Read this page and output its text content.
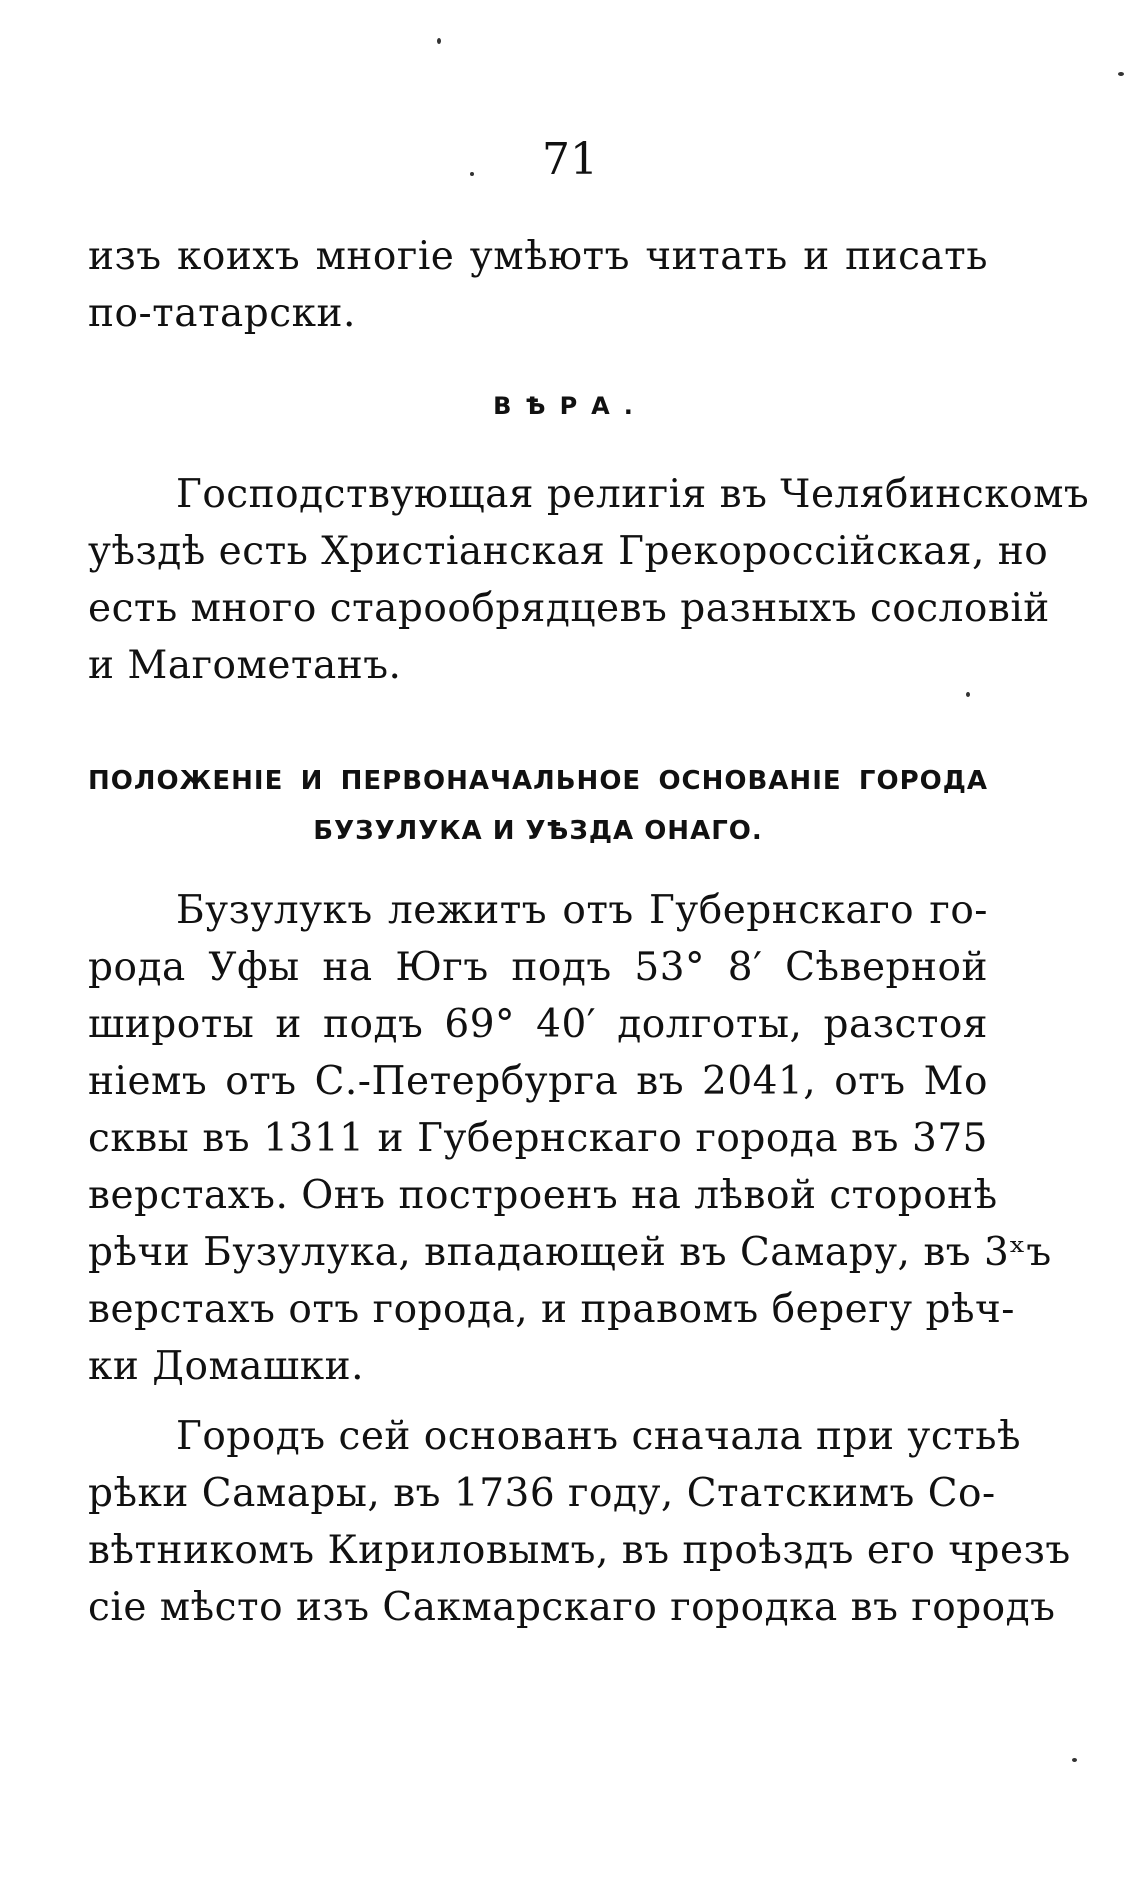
71
изъ коихъ многіе умѣютъ читать и писать
по-татарски.
ВѢРА.
Господствующая религія въ Челябинскомъ
уѣздѣ есть Христіанская Грекороссійская, но
есть много старообрядцевъ разныхъ сословій
и Магометанъ.
ПОЛОЖЕНІЕ И ПЕРВОНАЧАЛЬНОЕ ОСНОВАНІЕ ГОРОДА
БУЗУЛУКА И УѢЗДА ОНАГО.
Бузулукъ лежитъ отъ Губернскаго го-
рода Уфы на Югъ подъ 53° 8′ Сѣверной
широты и подъ 69° 40′ долготы, разстоя
ніемъ отъ С.-Петербурга въ 2041, отъ Мо
сквы въ 1311 и Губернскаго города въ 375
верстахъ. Онъ построенъ на лѣвой сторонѣ
рѣчи Бузулука, впадающей въ Самару, въ 3ˣъ
верстахъ отъ города, и правомъ берегу рѣч-
ки Домашки.
Городъ сей основанъ сначала при устьѣ
рѣки Самары, въ 1736 году, Статскимъ Со-
вѣтникомъ Кириловымъ, въ проѣздъ его чрезъ
сіе мѣсто изъ Сакмарскаго городка въ городъ
